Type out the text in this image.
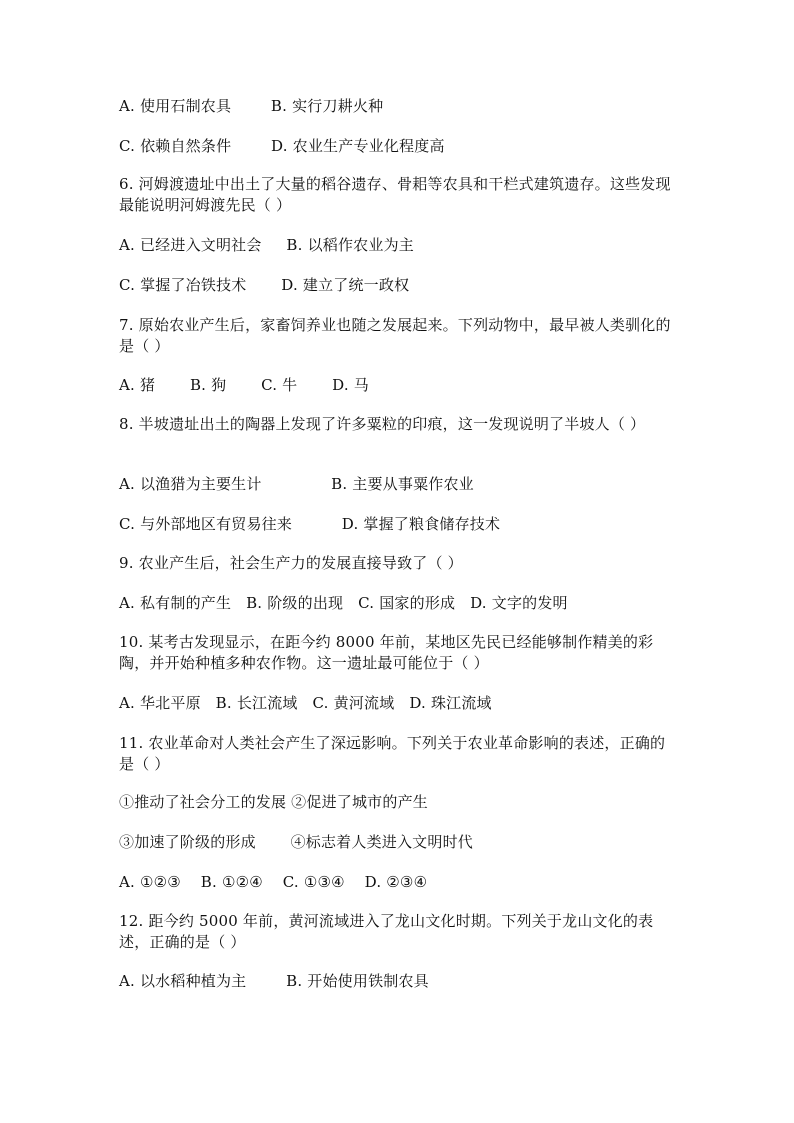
A. 使用石制农具        B. 实行刀耕火种
C. 依赖自然条件        D. 农业生产专业化程度高
6. 河姆渡遗址中出土了大量的稻谷遗存、骨耜等农具和干栏式建筑遗存。这些发现最能说明河姆渡先民（ ）
A. 已经进入文明社会     B. 以稻作农业为主
C. 掌握了冶铁技术       D. 建立了统一政权
7. 原始农业产生后，家畜饲养业也随之发展起来。下列动物中，最早被人类驯化的是（ ）
A. 猪       B. 狗       C. 牛       D. 马
8. 半坡遗址出土的陶器上发现了许多粟粒的印痕，这一发现说明了半坡人（ ）
A. 以渔猎为主要生计              B. 主要从事粟作农业
C. 与外部地区有贸易往来          D. 掌握了粮食储存技术
9. 农业产生后，社会生产力的发展直接导致了（ ）
A. 私有制的产生   B. 阶级的出现   C. 国家的形成   D. 文字的发明
10. 某考古发现显示，在距今约 8000 年前，某地区先民已经能够制作精美的彩陶，并开始种植多种农作物。这一遗址最可能位于（ ）
A. 华北平原   B. 长江流域   C. 黄河流域   D. 珠江流域
11. 农业革命对人类社会产生了深远影响。下列关于农业革命影响的表述，正确的是（ ）
①推动了社会分工的发展 ②促进了城市的产生
③加速了阶级的形成       ④标志着人类进入文明时代
A. ①②③    B. ①②④    C. ①③④    D. ②③④
12. 距今约 5000 年前，黄河流域进入了龙山文化时期。下列关于龙山文化的表述，正确的是（ ）
A. 以水稻种植为主        B. 开始使用铁制农具
